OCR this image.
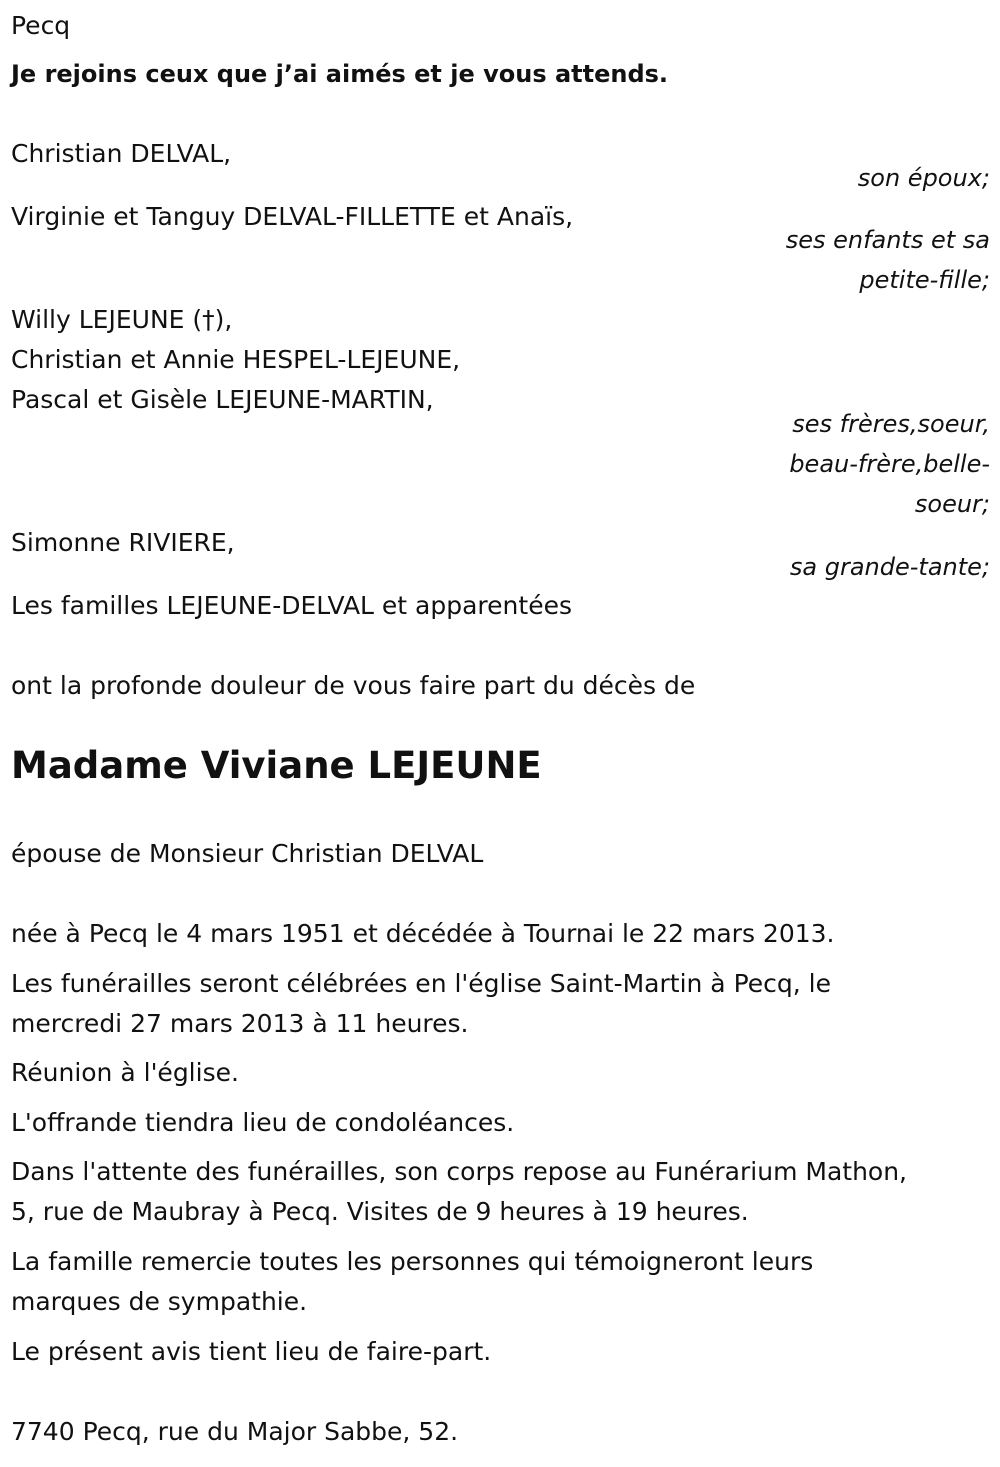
Pecq
Je rejoins ceux que j’ai aimés et je vous attends.
Christian DELVAL,
son époux;
Virginie et Tanguy DELVAL-FILLETTE et Anaïs,
ses enfants et sa
petite-fille;
Willy LEJEUNE (†),
Christian et Annie HESPEL-LEJEUNE,
Pascal et Gisèle LEJEUNE-MARTIN,
ses frères,soeur,
beau-frère,belle-
soeur;
Simonne RIVIERE,
sa grande-tante;
Les familles LEJEUNE-DELVAL et apparentées
ont la profonde douleur de vous faire part du décès de
Madame Viviane LEJEUNE
épouse de Monsieur Christian DELVAL
née à Pecq le 4 mars 1951 et décédée à Tournai le 22 mars 2013.
Les funérailles seront célébrées en l'église Saint-Martin à Pecq, le
mercredi 27 mars 2013 à 11 heures.
Réunion à l'église.
L'offrande tiendra lieu de condoléances.
Dans l'attente des funérailles, son corps repose au Funérarium Mathon,
5, rue de Maubray à Pecq. Visites de 9 heures à 19 heures.
La famille remercie toutes les personnes qui témoigneront leurs
marques de sympathie.
Le présent avis tient lieu de faire-part.
7740 Pecq, rue du Major Sabbe, 52.
